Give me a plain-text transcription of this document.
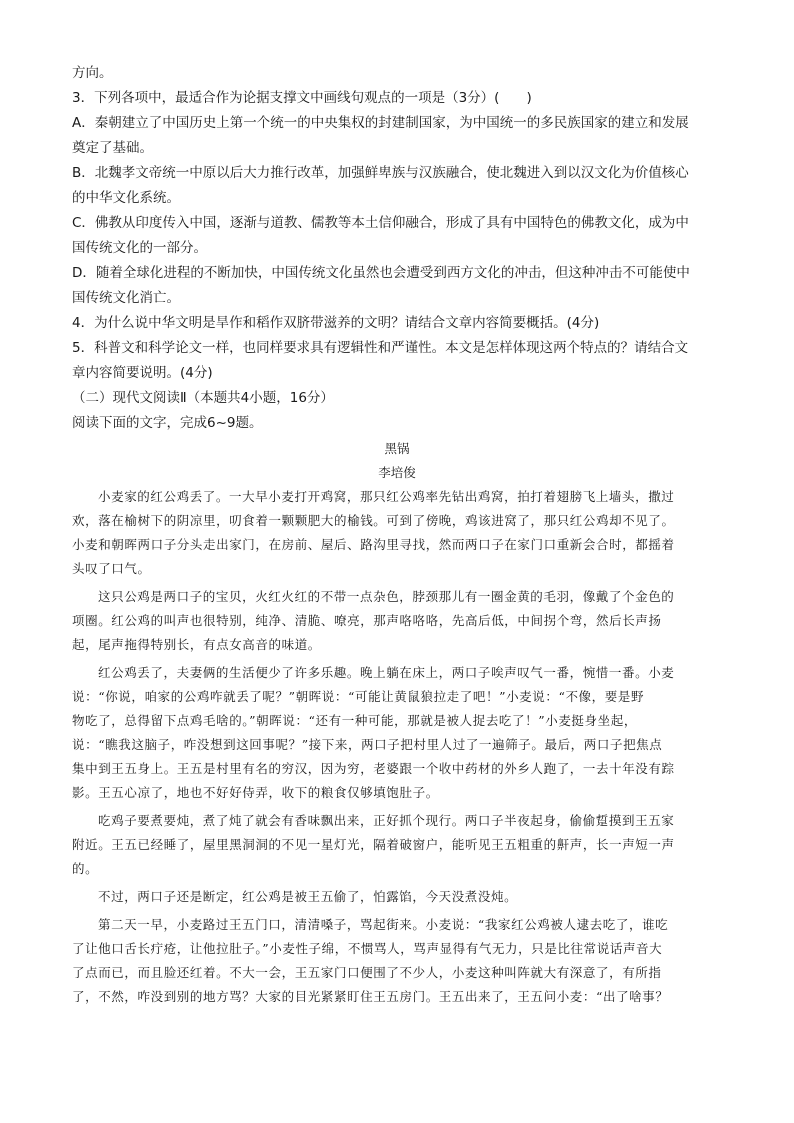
方向。
3．下列各项中，最适合作为论据支撑文中画线句观点的一项是（3分）(　　)
A．秦朝建立了中国历史上第一个统一的中央集权的封建制国家，为中国统一的多民族国家的建立和发展
奠定了基础。
B．北魏孝文帝统一中原以后大力推行改革，加强鲜卑族与汉族融合，使北魏进入到以汉文化为价值核心
的中华文化系统。
C．佛教从印度传入中国，逐渐与道教、儒教等本土信仰融合，形成了具有中国特色的佛教文化，成为中
国传统文化的一部分。
D．随着全球化进程的不断加快，中国传统文化虽然也会遭受到西方文化的冲击，但这种冲击不可能使中
国传统文化消亡。
4．为什么说中华文明是旱作和稻作双脐带滋养的文明？请结合文章内容简要概括。(4分)
5．科普文和科学论文一样，也同样要求具有逻辑性和严谨性。本文是怎样体现这两个特点的？请结合文
章内容简要说明。(4分)
（二）现代文阅读Ⅱ（本题共4小题，16分）
阅读下面的文字，完成6~9题。
黑锅
李培俊
小麦家的红公鸡丢了。一大早小麦打开鸡窝，那只红公鸡率先钻出鸡窝，拍打着翅膀飞上墙头，撒过
欢，落在榆树下的阴凉里，叨食着一颗颗肥大的榆钱。可到了傍晚，鸡该进窝了，那只红公鸡却不见了。
小麦和朝晖两口子分头走出家门，在房前、屋后、路沟里寻找，然而两口子在家门口重新会合时，都摇着
头叹了口气。
这只公鸡是两口子的宝贝，火红火红的不带一点杂色，脖颈那儿有一圈金黄的毛羽，像戴了个金色的
项圈。红公鸡的叫声也很特别，纯净、清脆、嘹亮，那声咯咯咯，先高后低，中间拐个弯，然后长声扬
起，尾声拖得特别长，有点女高音的味道。
红公鸡丢了，夫妻俩的生活便少了许多乐趣。晚上躺在床上，两口子唉声叹气一番，惋惜一番。小麦
说：“你说，咱家的公鸡咋就丢了呢？”朝晖说：“可能让黄鼠狼拉走了吧！”小麦说：“不像，要是野
物吃了，总得留下点鸡毛啥的。”朝晖说：“还有一种可能，那就是被人捉去吃了！”小麦挺身坐起，
说：“瞧我这脑子，咋没想到这回事呢？”接下来，两口子把村里人过了一遍筛子。最后，两口子把焦点
集中到王五身上。王五是村里有名的穷汉，因为穷，老婆跟一个收中药材的外乡人跑了，一去十年没有踪
影。王五心凉了，地也不好好侍弄，收下的粮食仅够填饱肚子。
吃鸡子要煮要炖，煮了炖了就会有香味飘出来，正好抓个现行。两口子半夜起身，偷偷踅摸到王五家
附近。王五已经睡了，屋里黑洞洞的不见一星灯光，隔着破窗户，能听见王五粗重的鼾声，长一声短一声
的。
不过，两口子还是断定，红公鸡是被王五偷了，怕露馅，今天没煮没炖。
第二天一早，小麦路过王五门口，清清嗓子，骂起街来。小麦说：“我家红公鸡被人逮去吃了，谁吃
了让他口舌长疔疮，让他拉肚子。”小麦性子绵，不惯骂人，骂声显得有气无力，只是比往常说话声音大
了点而已，而且脸还红着。不大一会，王五家门口便围了不少人，小麦这种叫阵就大有深意了，有所指
了，不然，咋没到别的地方骂？大家的目光紧紧盯住王五房门。王五出来了，王五问小麦：“出了啥事？
